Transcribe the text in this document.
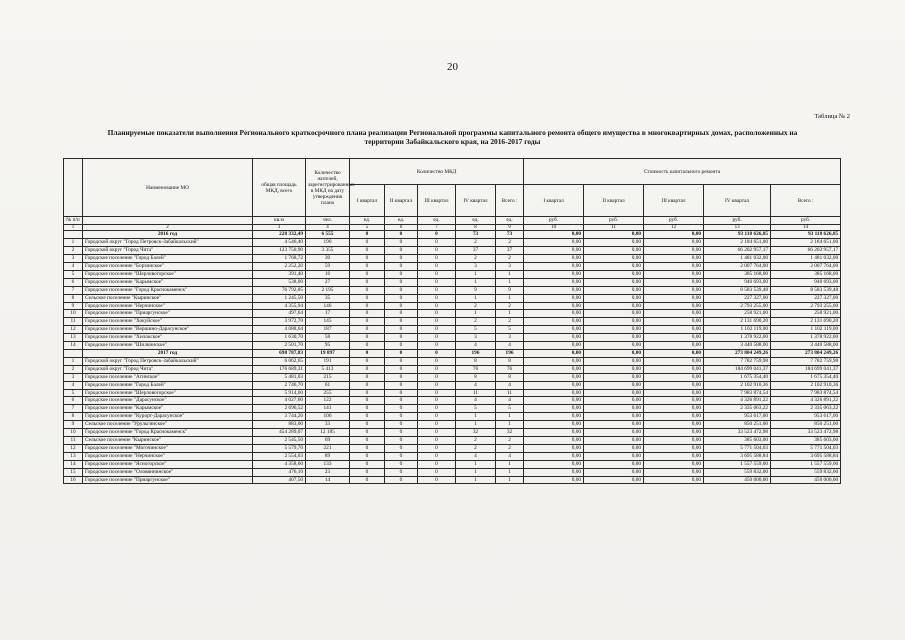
20
Таблица № 2
Планируемые показатели выполнения Регионального краткосрочного плана реализации Региональной программы капитального ремонта общего имущества в многоквартирных домах, расположенных на
территории Забайкальского края, на 2016-2017 годы
	Наименование МО	общая площадь МКД, всего	Количество жителей, зарегистрированных в МКД на дату утверждения плана	Количество МКД					Стоимость капитального ремонта				
				I квартал	II квартал	III квартал	IV квартал	Всего :	I квартал	II квартал	III квартал	IV квартал	Всего :
№ п/п		кв.м	чел.	ед.	ед.	ед.	ед.	ед.	руб.	руб.	руб.	руб.	руб.
1	2	3	4	5	6	7	8	9	10	11	12	13	14
	2016 год	228 332,49	6 555	0	0	0	73	73	0,00	0,00	0,00	93 118 626,85	93 118 626,85
1	Городской округ "Город Петровск-Забайкальский"	4 546,40	190	0	0	0	2	2	0,00	0,00	0,00	2 184 651,00	2 184 651,00
2	Городской округ "Город Чита"	123 750,90	3 355	0	0	0	37	37	0,00	0,00	0,00	66 202 957,17	66 202 957,17
3	Городское поселение "Город Балей"	1 768,72	30	0	0	0	2	2	0,00	0,00	0,00	1 481 032,00	1 481 032,00
4	Городское поселение "Борзинское"	2 252,20	59	0	0	0	3	3	0,00	0,00	0,00	2 007 764,00	2 007 764,00
5	Городское поселение "Шерловогорское"	391,40	16	0	0	0	1	1	0,00	0,00	0,00	385 168,00	385 168,00
6	Городское поселение "Карымское"	538,00	27	0	0	0	1	1	0,00	0,00	0,00	940 693,00	940 693,00
7	Городское поселение "Город Краснокаменск"	76 792,05	2 195	0	0	0	9	9	0,00	0,00	0,00	8 583 539,48	8 583 539,48
8	Сельское поселение "Кыринское"	1 245,50	35	0	0	0	1	1	0,00	0,00	0,00	227 327,00	227 327,00
9	Городское поселение "Нерчинское"	4 355,94	146	0	0	0	2	2	0,00	0,00	0,00	2 793 255,00	2 793 255,00
10	Городское поселение "Приаргунское"	497,64	17	0	0	0	1	1	0,00	0,00	0,00	258 921,00	258 921,00
11	Городское поселение "Хокуйское"	3 972,70	145	0	0	0	2	2	0,00	0,00	0,00	2 131 690,20	2 131 690,20
12	Городское поселение "Вершино-Дарасунское"	4 088,64	187	0	0	0	5	5	0,00	0,00	0,00	1 102 119,00	1 102 119,00
13	Городское поселение "Хилокское"	1 630,70	58	0	0	0	3	3	0,00	0,00	0,00	1 378 922,00	1 378 922,00
14	Городское поселение "Шилкинское"	2 501,70	95	0	0	0	4	4	0,00	0,00	0,00	3 440 588,00	3 440 588,00
	2017 год	698 787,83	19 897	0	0	0	196	196	0,00	0,00	0,00	273 804 249,26	273 804 249,26
1	Городской округ "Город Петровск-Забайкальский"	6 062,65	191	0	0	0	8	8	0,00	0,00	0,00	7 782 759,98	7 782 759,98
2	Городской округ "Город Чита"	176 689,31	5 413	0	0	0	76	76	0,00	0,00	0,00	184 699 041,37	184 699 041,37
3	Городское поселение "Агинское"	5 481,03	215	0	0	0	8	8	0,00	0,00	0,00	1 675 354,40	1 675 354,40
4	Городское поселение "Город Балей"	2 746,70	61	0	0	0	4	4	0,00	0,00	0,00	2 102 910,36	2 102 910,36
5	Городское поселение "Шерловогорское"	5 914,00	255	0	0	0	11	11	0,00	0,00	0,00	7 983 874,54	7 983 874,54
6	Городское поселение "Дарасунское"	4 027,60	122	0	0	0	4	4	0,00	0,00	0,00	4 326 891,22	4 326 891,22
7	Городское поселение "Карымское"	2 696,52	141	0	0	0	5	5	0,00	0,00	0,00	2 335 063,22	2 335 063,22
8	Городское поселение "Курорт-Дарасунское"	3 744,20	106	0	0	0	1	1	0,00	0,00	0,00	953 617,00	953 617,00
9	Сельское поселение "Урульгинское"	883,00	33	0	0	0	1	1	0,00	0,00	0,00	850 251,00	850 251,00
10	Городское поселение "Город Краснокаменск"	454 289,07	12 185	0	0	0	32	32	0,00	0,00	0,00	33 523 472,98	33 523 472,98
11	Сельское поселение "Кыринское"	2 545,50	69	0	0	0	2	2	0,00	0,00	0,00	385 603,00	385 603,00
12	Городское поселение "Могочинское"	5 579,70	221	0	0	0	2	2	0,00	0,00	0,00	5 771 504,03	5 771 504,03
13	Городское поселение "Нерчинское"	2 554,03	89	0	0	0	4	4	0,00	0,00	0,00	3 695 588,84	3 695 588,84
14	Городское поселение "Ясногорское"	4 358,60	133	0	0	0	1	1	0,00	0,00	0,00	1 557 559,00	1 557 559,00
15	Городское поселение "Оловяннинское"	476,10	23	0	0	0	1	1	0,00	0,00	0,00	559 832,00	559 832,00
16	Городское поселение "Приаргунское"	407,50	14	0	0	0	1	1	0,00	0,00	0,00	450 000,00	450 000,00
